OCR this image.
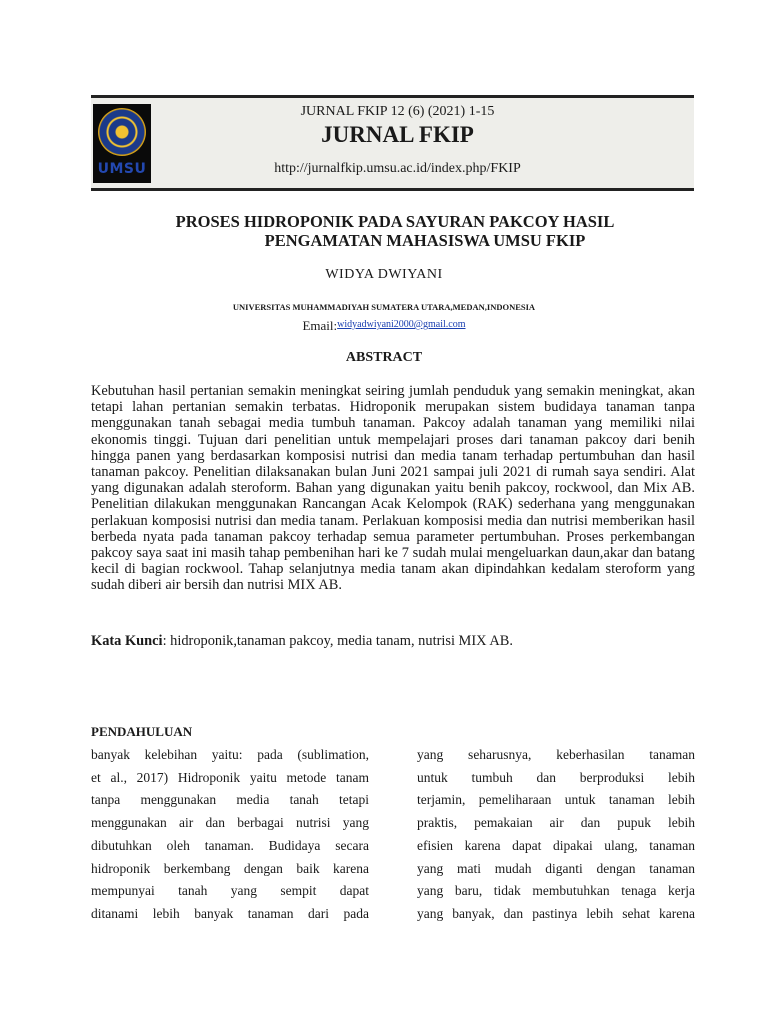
UMSU
JURNAL FKIP 12 (6) (2021) 1-15
JURNAL FKIP
http://jurnalfkip.umsu.ac.id/index.php/FKIP
PROSES HIDROPONIK PADA SAYURAN PAKCOY HASIL
PENGAMATAN MAHASISWA UMSU FKIP
WIDYA DWIYANI
UNIVERSITAS MUHAMMADIYAH SUMATERA UTARA,MEDAN,INDONESIA
Email:$^{widyadwiyani2000@gmail.com}$
ABSTRACT
Kebutuhan hasil pertanian semakin meningkat seiring jumlah penduduk yang semakin meningkat, akan tetapi lahan pertanian semakin terbatas. Hidroponik merupakan sistem budidaya tanaman tanpa menggunakan tanah sebagai media tumbuh tanaman. Pakcoy adalah tanaman yang memiliki nilai ekonomis tinggi. Tujuan dari penelitian untuk mempelajari proses dari tanaman pakcoy dari benih hingga panen yang berdasarkan komposisi nutrisi dan media tanam terhadap pertumbuhan dan hasil tanaman pakcoy. Penelitian dilaksanakan bulan Juni 2021 sampai juli 2021 di rumah saya sendiri. Alat yang digunakan adalah steroform. Bahan yang digunakan yaitu benih pakcoy, rockwool, dan Mix AB. Penelitian dilakukan menggunakan Rancangan Acak Kelompok (RAK) sederhana yang menggunakan perlakuan komposisi nutrisi dan media tanam. Perlakuan komposisi media dan nutrisi memberikan hasil berbeda nyata pada tanaman pakcoy terhadap semua parameter pertumbuhan. Proses perkembangan pakcoy saya saat ini masih tahap pembenihan hari ke 7 sudah mulai mengeluarkan daun,akar dan batang kecil di bagian rockwool. Tahap selanjutnya media tanam akan dipindahkan kedalam steroform yang sudah diberi air bersih dan nutrisi MIX AB.
Kata Kunci: hidroponik,tanaman pakcoy, media tanam, nutrisi MIX AB.
PENDAHULUAN
banyak kelebihan yaitu: pada (sublimation,
et al., 2017) Hidroponik yaitu metode tanam
tanpa menggunakan media tanah tetapi
menggunakan air dan berbagai nutrisi yang
dibutuhkan oleh tanaman. Budidaya secara
hidroponik berkembang dengan baik karena
mempunyai tanah yang sempit dapat
ditanami lebih banyak tanaman dari pada
yang seharusnya, keberhasilan tanaman
untuk tumbuh dan berproduksi lebih
terjamin, pemeliharaan untuk tanaman lebih
praktis, pemakaian air dan pupuk lebih
efisien karena dapat dipakai ulang, tanaman
yang mati mudah diganti dengan tanaman
yang baru, tidak membutuhkan tenaga kerja
yang banyak, dan pastinya lebih sehat karena
